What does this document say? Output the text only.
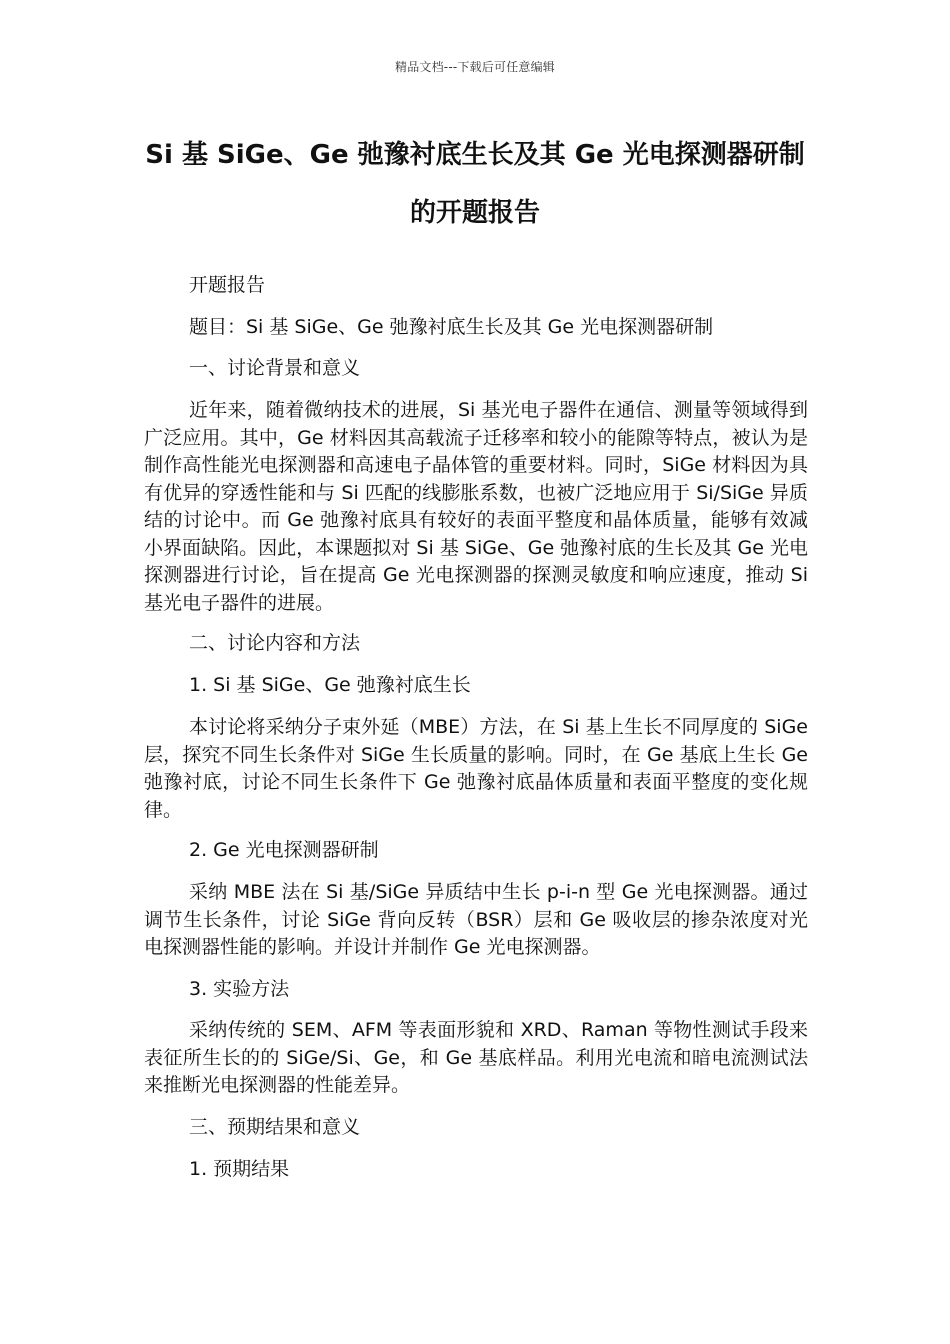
精品文档---下载后可任意编辑
Si 基 SiGe、Ge 弛豫衬底生长及其 Ge 光电探测器研制的开题报告

开题报告

题目：Si 基 SiGe、Ge 弛豫衬底生长及其 Ge 光电探测器研制

一、讨论背景和意义

近年来，随着微纳技术的进展，Si 基光电子器件在通信、测量等领域得到广泛应用。其中，Ge 材料因其高载流子迁移率和较小的能隙等特点，被认为是制作高性能光电探测器和高速电子晶体管的重要材料。同时，SiGe 材料因为具有优异的穿透性能和与 Si 匹配的线膨胀系数，也被广泛地应用于 Si/SiGe 异质结的讨论中。而 Ge 弛豫衬底具有较好的表面平整度和晶体质量，能够有效减小界面缺陷。因此，本课题拟对 Si 基 SiGe、Ge 弛豫衬底的生长及其 Ge 光电探测器进行讨论，旨在提高 Ge 光电探测器的探测灵敏度和响应速度，推动 Si 基光电子器件的进展。

二、讨论内容和方法

1. Si 基 SiGe、Ge 弛豫衬底生长

本讨论将采纳分子束外延（MBE）方法，在 Si 基上生长不同厚度的 SiGe 层，探究不同生长条件对 SiGe 生长质量的影响。同时，在 Ge 基底上生长 Ge 弛豫衬底，讨论不同生长条件下 Ge 弛豫衬底晶体质量和表面平整度的变化规律。

2. Ge 光电探测器研制

采纳 MBE 法在 Si 基/SiGe 异质结中生长 p-i-n 型 Ge 光电探测器。通过调节生长条件，讨论 SiGe 背向反转（BSR）层和 Ge 吸收层的掺杂浓度对光电探测器性能的影响。并设计并制作 Ge 光电探测器。

3. 实验方法

采纳传统的 SEM、AFM 等表面形貌和 XRD、Raman 等物性测试手段来表征所生长的的 SiGe/Si、Ge，和 Ge 基底样品。利用光电流和暗电流测试法来推断光电探测器的性能差异。

三、预期结果和意义

1. 预期结果
